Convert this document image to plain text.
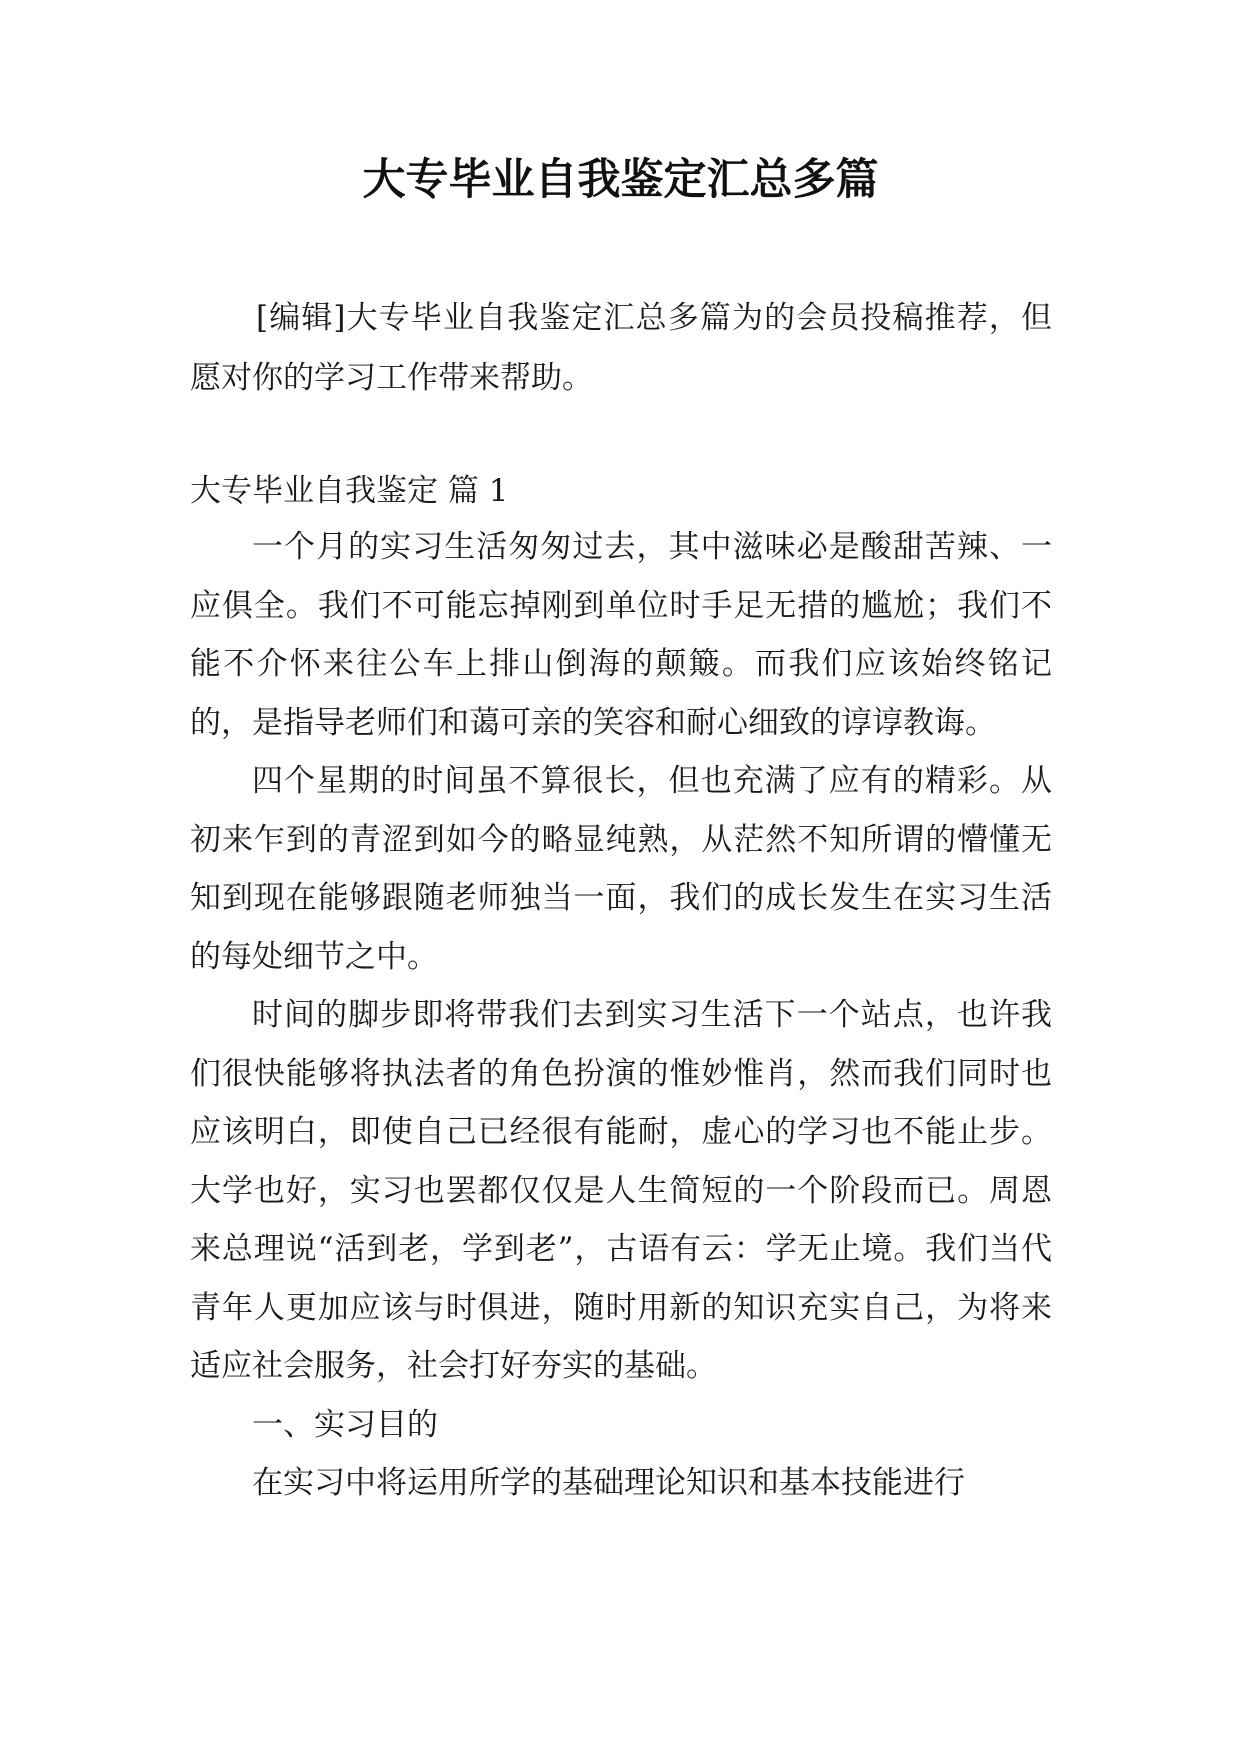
大专毕业自我鉴定汇总多篇

[编辑]大专毕业自我鉴定汇总多篇为的会员投稿推荐，但愿对你的学习工作带来帮助。

大专毕业自我鉴定 篇 1

一个月的实习生活匆匆过去，其中滋味必是酸甜苦辣、一应俱全。我们不可能忘掉刚到单位时手足无措的尴尬；我们不能不介怀来往公车上排山倒海的颠簸。而我们应该始终铭记的，是指导老师们和蔼可亲的笑容和耐心细致的谆谆教诲。

四个星期的时间虽不算很长，但也充满了应有的精彩。从初来乍到的青涩到如今的略显纯熟，从茫然不知所谓的懵懂无知到现在能够跟随老师独当一面，我们的成长发生在实习生活的每处细节之中。

时间的脚步即将带我们去到实习生活下一个站点，也许我们很快能够将执法者的角色扮演的惟妙惟肖，然而我们同时也应该明白，即使自己已经很有能耐，虚心的学习也不能止步。大学也好，实习也罢都仅仅是人生简短的一个阶段而已。周恩来总理说“活到老，学到老”，古语有云：学无止境。我们当代青年人更加应该与时俱进，随时用新的知识充实自己，为将来适应社会服务，社会打好夯实的基础。

一、实习目的

在实习中将运用所学的基础理论知识和基本技能进行
